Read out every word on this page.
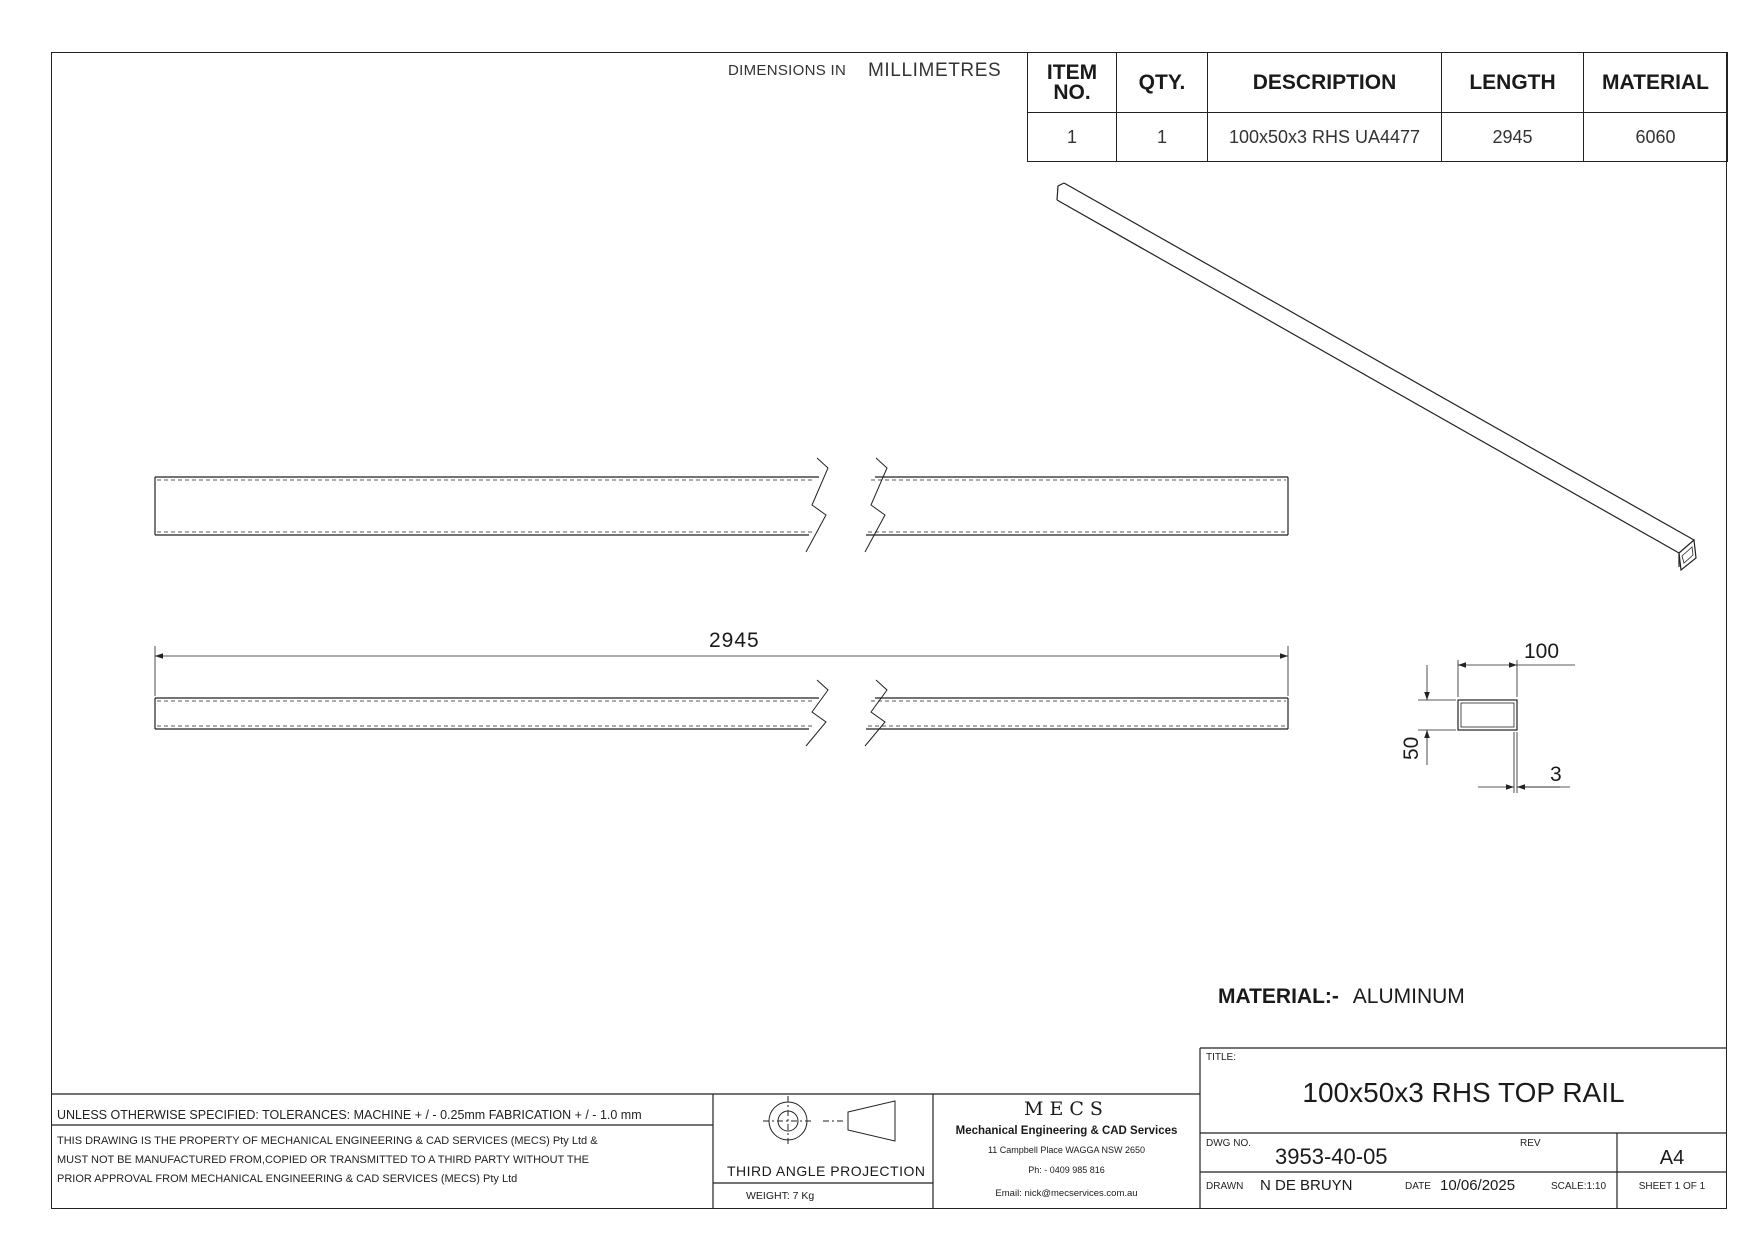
DIMENSIONS IN MILLIMETRES	ITEM
NO.	QTY.	DESCRIPTION	LENGTH	MATERIAL
1	1	100x50x3 RHS UA4477	2945	6060
2945	100
50
3
MATERIAL:- ALUMINUM
UNLESS OTHERWISE SPECIFIED: TOLERANCES: MACHINE + / - 0.25mm FABRICATION + / - 1.0 mm
THIS DRAWING IS THE PROPERTY OF MECHANICAL ENGINEERING & CAD SERVICES (MECS) Pty Ltd &
MUST NOT BE MANUFACTURED FROM,COPIED OR TRANSMITTED TO A THIRD PARTY WITHOUT THE
PRIOR APPROVAL FROM MECHANICAL ENGINEERING & CAD SERVICES (MECS) Pty Ltd	THIRD ANGLE PROJECTION
WEIGHT: 7 Kg
MECS
Mechanical Engineering & CAD Services
11 Campbell Place WAGGA NSW 2650
Ph: - 0409 985 816
Email: nick@mecservices.com.au
TITLE:
100x50x3 RHS TOP RAIL
DWG NO.
3953-40-05
REV
A4
DRAWN N DE BRUYN	DATE 10/06/2025	SCALE:1:10	SHEET 1 OF 1
